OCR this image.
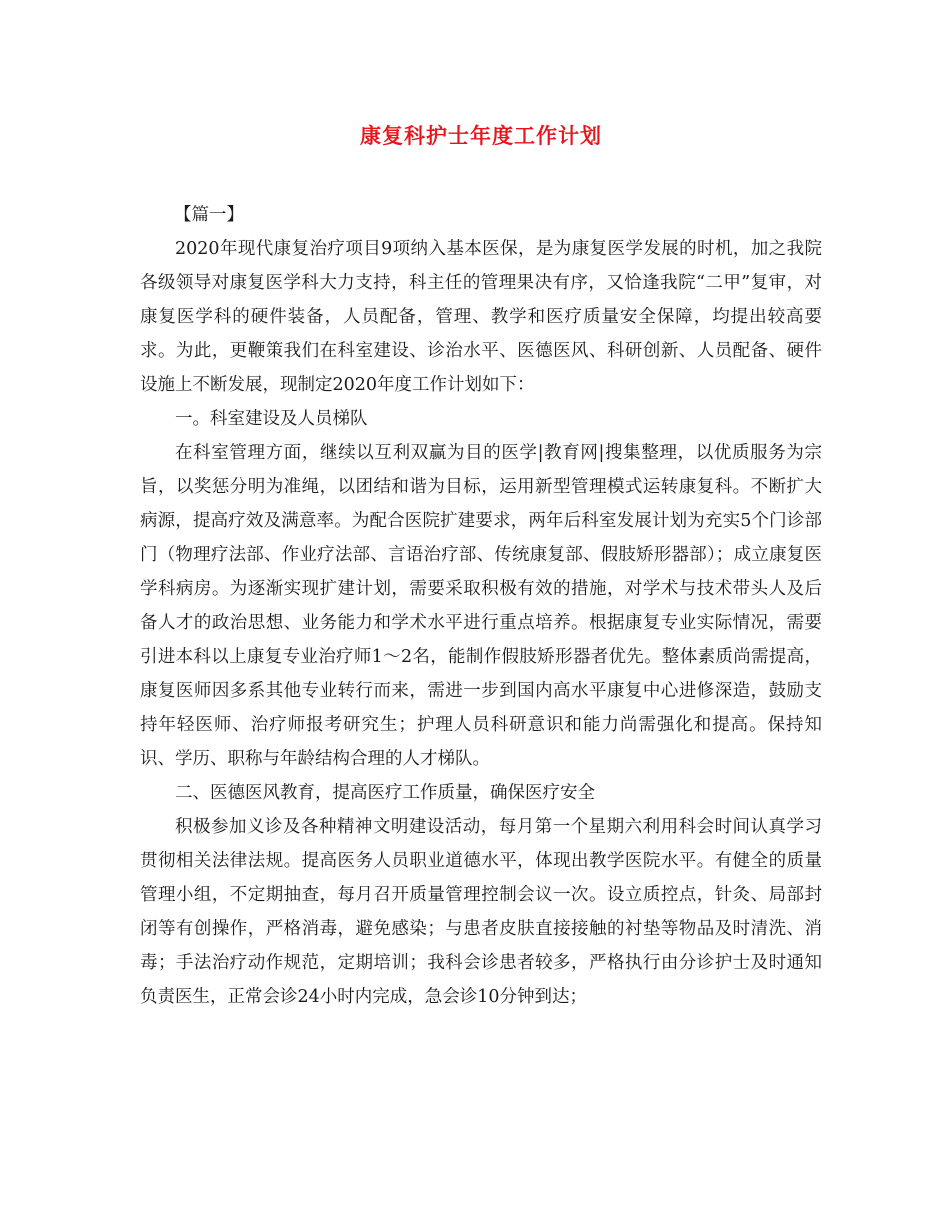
康复科护士年度工作计划

【篇一】

2020年现代康复治疗项目9项纳入基本医保，是为康复医学发展的时机，加之我院各级领导对康复医学科大力支持，科主任的管理果决有序，又恰逢我院“二甲”复审，对康复医学科的硬件装备，人员配备，管理、教学和医疗质量安全保障，均提出较高要求。为此，更鞭策我们在科室建设、诊治水平、医德医风、科研创新、人员配备、硬件设施上不断发展，现制定2020年度工作计划如下：

一。科室建设及人员梯队

在科室管理方面，继续以互利双赢为目的医学|教育网|搜集整理，以优质服务为宗旨，以奖惩分明为准绳，以团结和谐为目标，运用新型管理模式运转康复科。不断扩大病源，提高疗效及满意率。为配合医院扩建要求，两年后科室发展计划为充实5个门诊部门（物理疗法部、作业疗法部、言语治疗部、传统康复部、假肢矫形器部）；成立康复医学科病房。为逐渐实现扩建计划，需要采取积极有效的措施，对学术与技术带头人及后备人才的政治思想、业务能力和学术水平进行重点培养。根据康复专业实际情况，需要引进本科以上康复专业治疗师1～2名，能制作假肢矫形器者优先。整体素质尚需提高，康复医师因多系其他专业转行而来，需进一步到国内高水平康复中心进修深造，鼓励支持年轻医师、治疗师报考研究生；护理人员科研意识和能力尚需强化和提高。保持知识、学历、职称与年龄结构合理的人才梯队。

二、医德医风教育，提高医疗工作质量，确保医疗安全

积极参加义诊及各种精神文明建设活动，每月第一个星期六利用科会时间认真学习贯彻相关法律法规。提高医务人员职业道德水平，体现出教学医院水平。有健全的质量管理小组，不定期抽查，每月召开质量管理控制会议一次。设立质控点，针灸、局部封闭等有创操作，严格消毒，避免感染；与患者皮肤直接接触的衬垫等物品及时清洗、消毒；手法治疗动作规范，定期培训；我科会诊患者较多，严格执行由分诊护士及时通知负责医生，正常会诊24小时内完成，急会诊10分钟到达；
